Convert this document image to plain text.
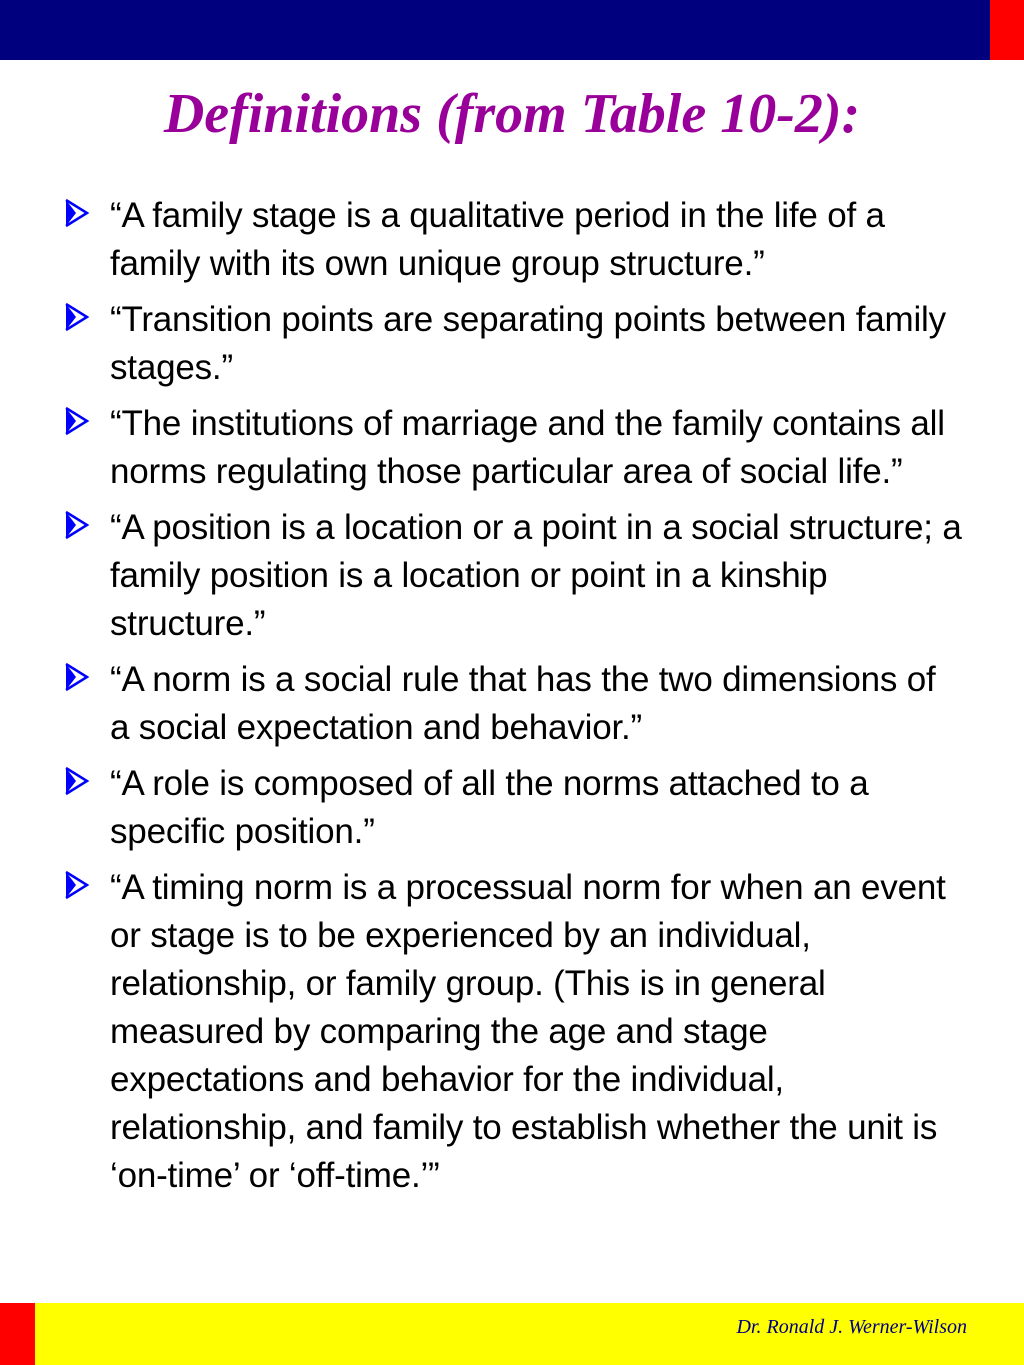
Definitions (from Table 10-2):
“A family stage is a qualitative period in the life of a family with its own unique group structure.”
“Transition points are separating points between family stages.”
“The institutions of marriage and the family contains all norms regulating those particular area of social life.”
“A position is a location or a point in a social structure; a family position is a location or point in a kinship structure.”
“A norm is a social rule that has the two dimensions of a social expectation and behavior.”
“A role is composed of all the norms attached to a specific position.”
“A timing norm is a processual norm for when an event or stage is to be experienced by an individual, relationship, or family group. (This is in general measured by comparing the age and stage expectations and behavior for the individual, relationship, and family to establish whether the unit is ‘on-time’ or ‘off-time.’”
Dr. Ronald J. Werner-Wilson
